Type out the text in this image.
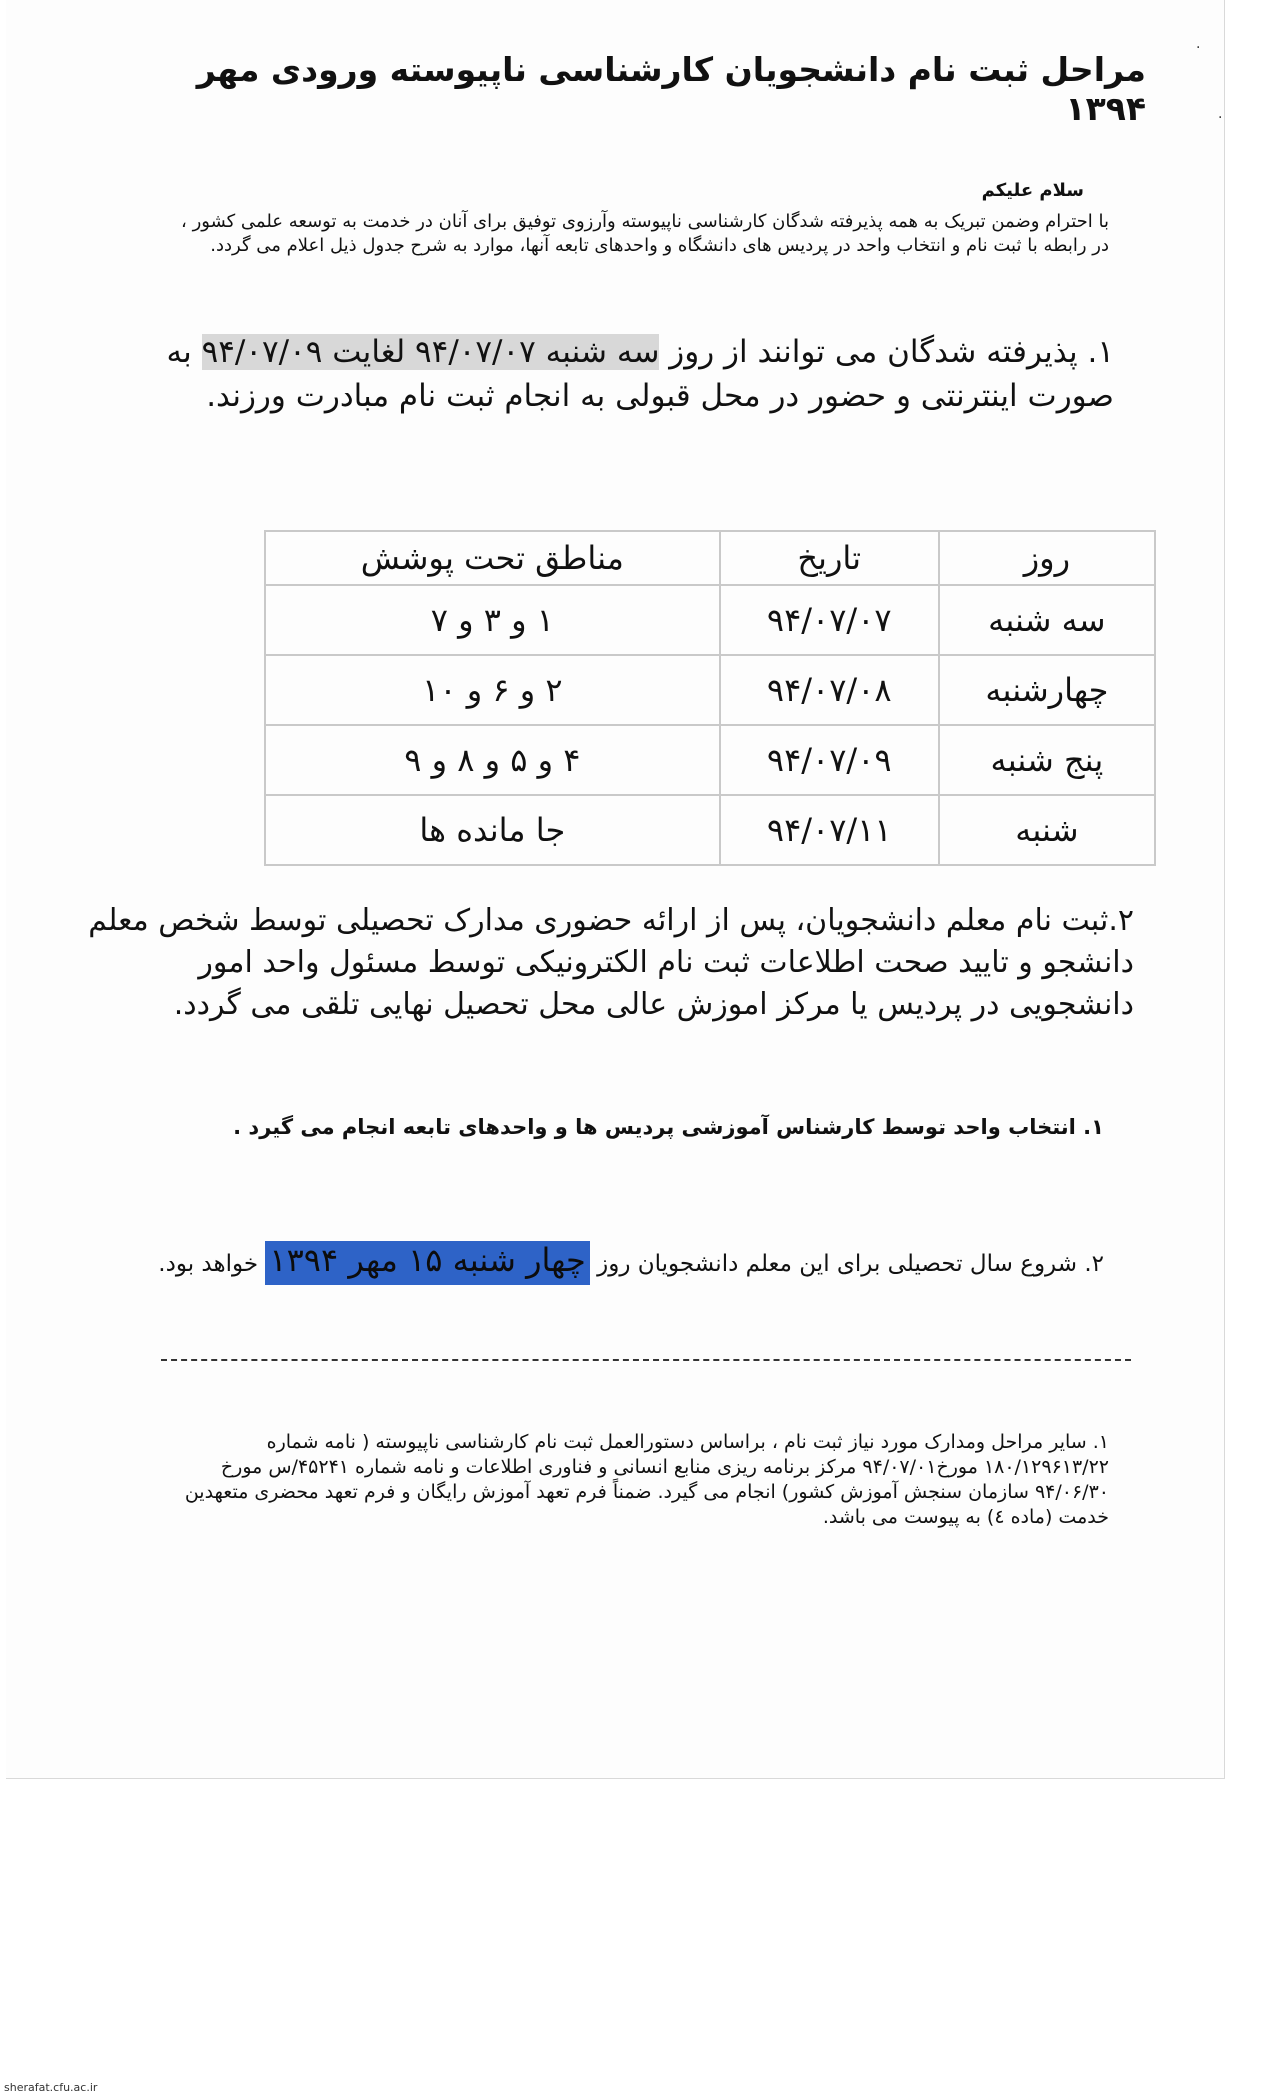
مراحل ثبت نام دانشجویان کارشناسی ناپیوسته ورودی مهر ۱۳۹۴
سلام علیکم
با احترام وضمن تبریک به همه پذیرفته شدگان کارشناسی ناپیوسته وآرزوی توفیق برای آنان در خدمت به توسعه علمی کشور ، در رابطه با ثبت نام و انتخاب واحد در پردیس های دانشگاه و واحدهای تابعه آنها، موارد به شرح جدول ذیل اعلام می گردد.
۱. پذیرفته شدگان می توانند از روز سه شنبه ۹۴/۰۷/۰۷ لغایت ۹۴/۰۷/۰۹ به صورت اینترنتی و حضور در محل قبولی به انجام ثبت نام مبادرت ورزند.
روز	تاریخ	مناطق تحت پوشش
سه شنبه	۹۴/۰۷/۰۷	۱ و ۳ و ۷
چهارشنبه	۹۴/۰۷/۰۸	۲ و ۶ و ۱۰
پنج شنبه	۹۴/۰۷/۰۹	۴ و ۵ و ۸ و ۹
شنبه	۹۴/۰۷/۱۱	جا مانده ها
۲.ثبت نام معلم دانشجویان، پس از ارائه حضوری مدارک تحصیلی توسط شخص معلم دانشجو و تایید صحت اطلاعات ثبت نام الکترونیکی توسط مسئول واحد امور دانشجویی در پردیس یا مرکز اموزش عالی محل تحصیل نهایی تلقی می گردد.
۱. انتخاب واحد توسط کارشناس آموزشی پردیس ها و واحدهای تابعه انجام می گیرد .
۲. شروع سال تحصیلی برای این معلم دانشجویان روز چهار شنبه ۱۵ مهر ۱۳۹۴ خواهد بود.
۱. سایر مراحل ومدارک مورد نیاز ثبت نام ، براساس دستورالعمل ثبت نام کارشناسی ناپیوسته ( نامه شماره ۱۸۰/۱۲۹۶۱۳/۲۲ مورخ۹۴/۰۷/۰۱ مرکز برنامه ریزی منابع انسانی و فناوری اطلاعات و نامه شماره ۴۵۲۴۱/س مورخ ۹۴/۰۶/۳۰ سازمان سنجش آموزش کشور) انجام می گیرد. ضمناً فرم تعهد آموزش رایگان و فرم تعهد محضری متعهدین خدمت (ماده ٤) به پیوست می باشد.
·
·
sherafat.cfu.ac.ir
